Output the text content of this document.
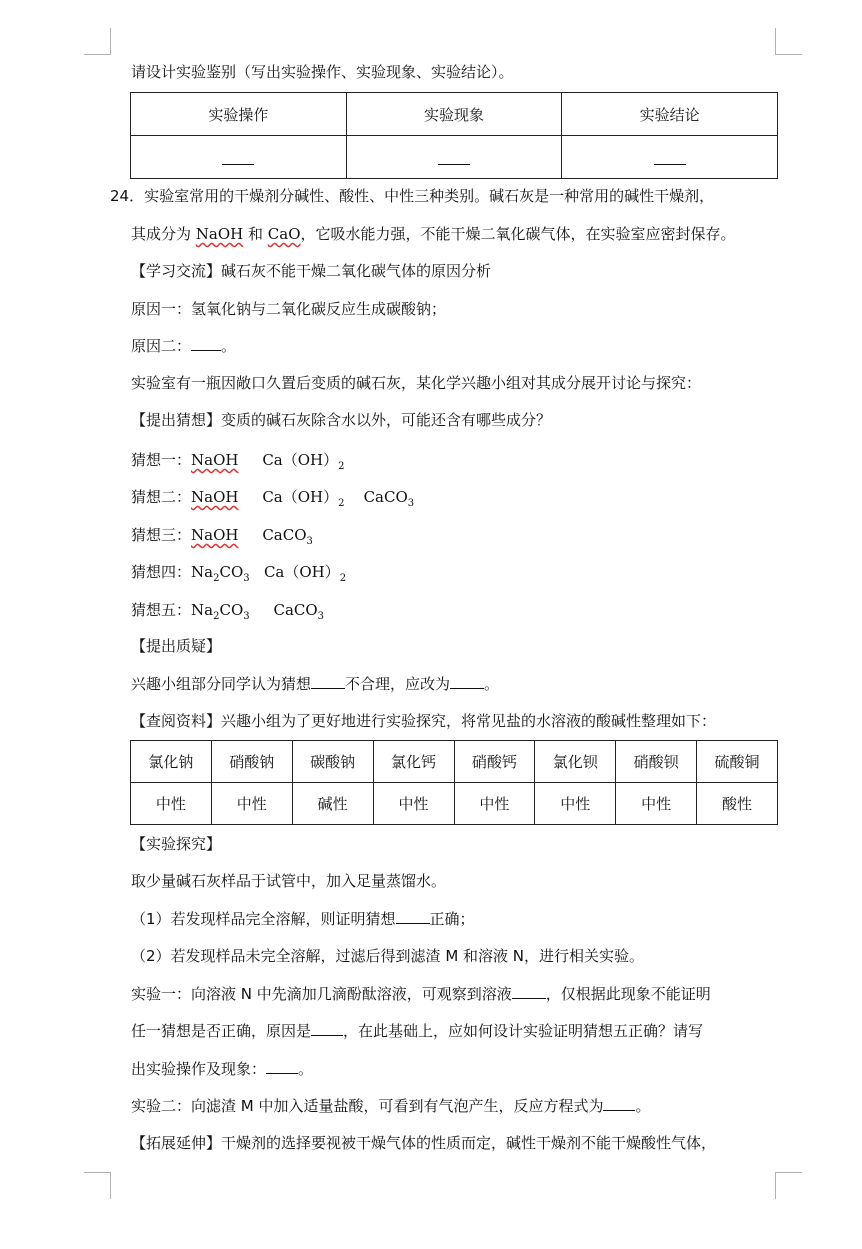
请设计实验鉴别（写出实验操作、实验现象、实验结论）。
实验操作	实验现象	实验结论

24．实验室常用的干燥剂分碱性、酸性、中性三种类别。碱石灰是一种常用的碱性干燥剂，
其成分为 NaOH 和 CaO，它吸水能力强，不能干燥二氧化碳气体，在实验室应密封保存。
【学习交流】碱石灰不能干燥二氧化碳气体的原因分析
原因一：氢氧化钠与二氧化碳反应生成碳酸钠；
原因二： 。
实验室有一瓶因敞口久置后变质的碱石灰，某化学兴趣小组对其成分展开讨论与探究：
【提出猜想】变质的碱石灰除含水以外，可能还含有哪些成分？
猜想一：NaOH $Ca(OH)_2$
猜想二：NaOH $Ca(OH)_2$ CaCO$_3$
猜想三：NaOH CaCO$_3$
猜想四：$Na_2CO_3$ $Ca(OH)_2$
猜想五：$Na_2CO_3$ CaCO$_3$
【提出质疑】
兴趣小组部分同学认为猜想 不合理，应改为 。
【查阅资料】兴趣小组为了更好地进行实验探究，将常见盐的水溶液的酸碱性整理如下：
氯化钠	硝酸钠	碳酸钠	氯化钙	硝酸钙	氯化钡	硝酸钡	硫酸铜
中性	中性	碱性	中性	中性	中性	中性	酸性
【实验探究】
取少量碱石灰样品于试管中，加入足量蒸馏水。
（1）若发现样品完全溶解，则证明猜想 正确；
（2）若发现样品未完全溶解，过滤后得到滤渣 M 和溶液 N，进行相关实验。
实验一：向溶液 N 中先滴加几滴酚酞溶液，可观察到溶液 ，仅根据此现象不能证明
任一猜想是否正确，原因是 ，在此基础上，应如何设计实验证明猜想五正确？请写
出实验操作及现象： 。
实验二：向滤渣 M 中加入适量盐酸，可看到有气泡产生，反应方程式为 。
【拓展延伸】干燥剂的选择要视被干燥气体的性质而定，碱性干燥剂不能干燥酸性气体，
